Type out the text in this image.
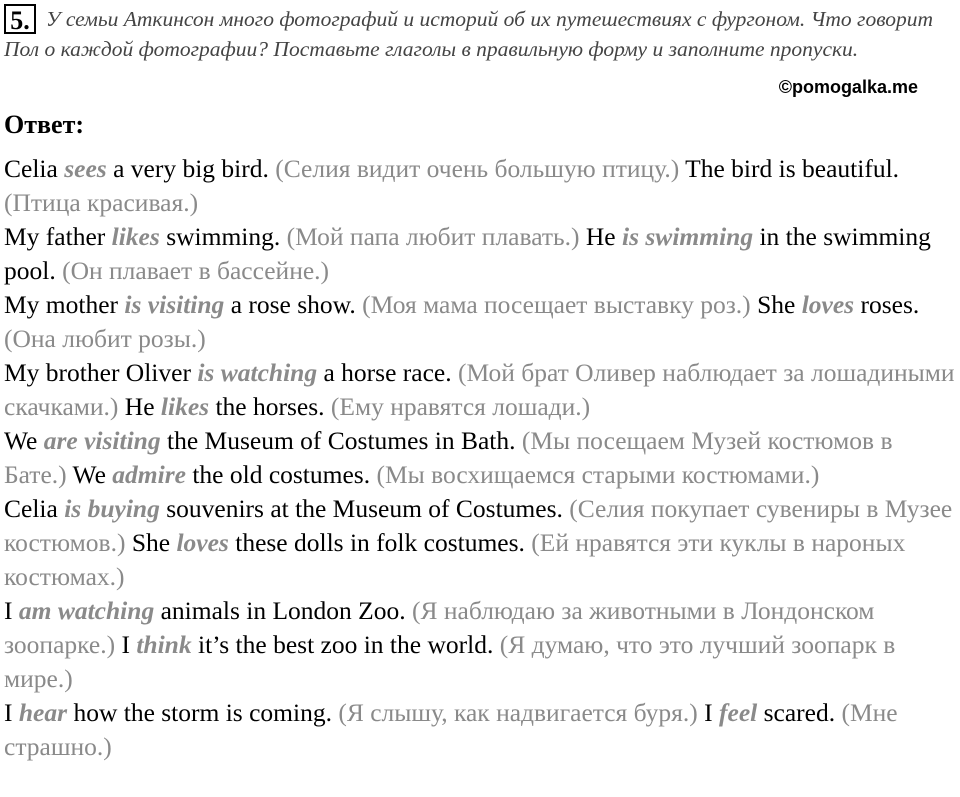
У семьи Аткинсон много фотографий и историй об их путешествиях с фургоном. Что говорит Пол о каждой фотографии? Поставьте глаголы в правильную форму и заполните пропуски.
5.
©pomogalka.me
Ответ:

Celia sees a very big bird. (Селия видит очень большую птицу.) The bird is beautiful. (Птица красивая.)

My father likes swimming. (Мой папа любит плавать.) He is swimming in the swimming pool. (Он плавает в бассейне.)

My mother is visiting a rose show. (Моя мама посещает выставку роз.) She loves roses. (Она любит розы.)

My brother Oliver is watching a horse race. (Мой брат Оливер наблюдает за лошадиными скачками.) He likes the horses. (Ему нравятся лошади.)

We are visiting the Museum of Costumes in Bath. (Мы посещаем Музей костюмов в Бате.) We admire the old costumes. (Мы восхищаемся старыми костюмами.)

Celia is buying souvenirs at the Museum of Costumes. (Селия покупает сувениры в Музее костюмов.) She loves these dolls in folk costumes. (Ей нравятся эти куклы в нароных костюмах.)

I am watching animals in London Zoo. (Я наблюдаю за животными в Лондонском зоопарке.) I think it’s the best zoo in the world. (Я думаю, что это лучший зоопарк в мире.)

I hear how the storm is coming. (Я слышу, как надвигается буря.) I feel scared. (Мне страшно.)
